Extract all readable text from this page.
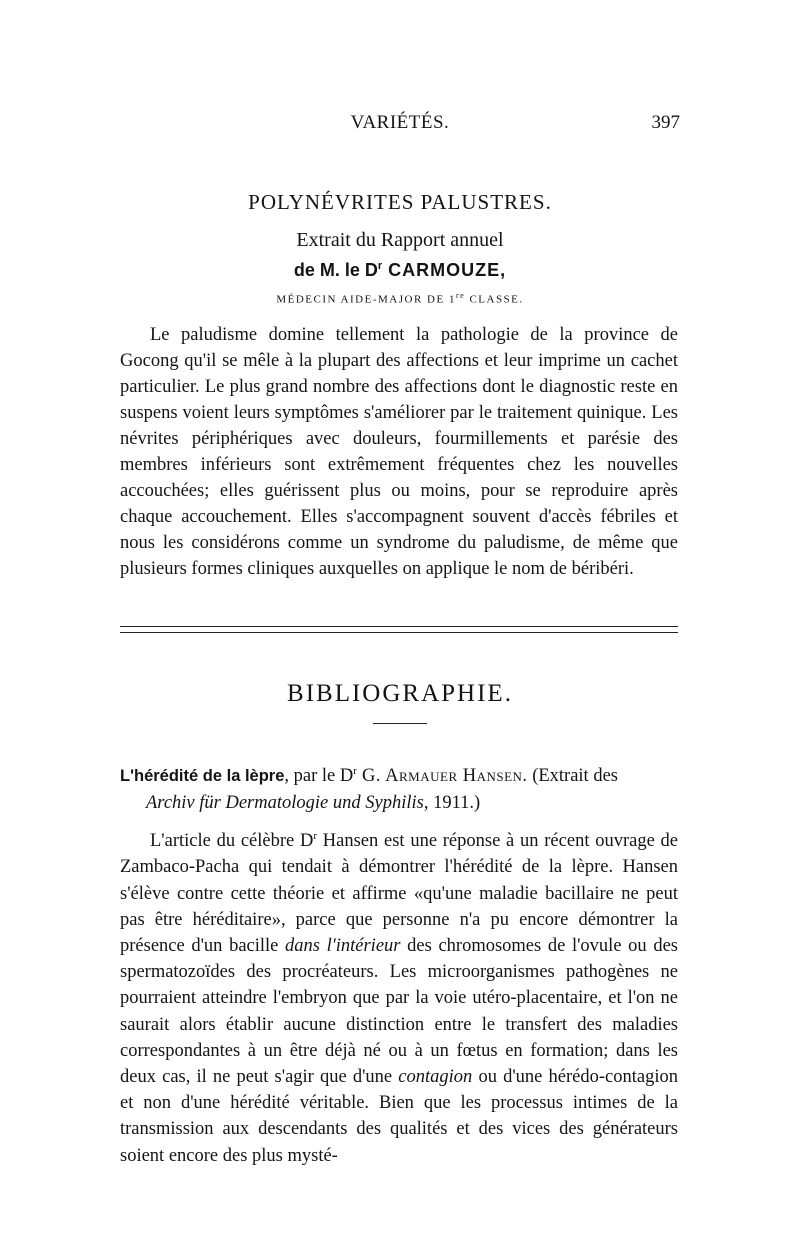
VARIÉTÉS.	397
POLYNÉVRITES PALUSTRES.
Extrait du Rapport annuel
de M. le $D^r$ CARMOUZE,
MÉDECIN AIDE-MAJOR DE 1re CLASSE.

Le paludisme domine tellement la pathologie de la province de Gocong qu'il se mêle à la plupart des affections et leur imprime un cachet particulier. Le plus grand nombre des affections dont le diagnostic reste en suspens voient leurs symptômes s'améliorer par le traitement quinique. Les névrites périphériques avec douleurs, fourmillements et parésie des membres inférieurs sont extrêmement fréquentes chez les nouvelles accouchées; elles guérissent plus ou moins, pour se reproduire après chaque accouchement. Elles s'accompagnent souvent d'accès fébriles et nous les considérons comme un syndrome du paludisme, de même que plusieurs formes cliniques auxquelles on applique le nom de béribéri.

BIBLIOGRAPHIE.

L'hérédité de la lèpre, par le $D^r$ G. Armauer Hansen. (Extrait des
Archiv für Dermatologie und Syphilis, 1911.)

L'article du célèbre $D^r$ Hansen est une réponse à un récent ouvrage de Zambaco-Pacha qui tendait à démontrer l'hérédité de la lèpre. Hansen s'élève contre cette théorie et affirme «qu'une maladie bacillaire ne peut pas être héréditaire», parce que personne n'a pu encore démontrer la présence d'un bacille dans l'intérieur des chromosomes de l'ovule ou des spermatozoïdes des procréateurs. Les microorganismes pathogènes ne pourraient atteindre l'embryon que par la voie utéro-placentaire, et l'on ne saurait alors établir aucune distinction entre le transfert des maladies correspondantes à un être déjà né ou à un fœtus en formation; dans les deux cas, il ne peut s'agir que d'une contagion ou d'une hérédo-contagion et non d'une hérédité véritable. Bien que les processus intimes de la transmission aux descendants des qualités et des vices des générateurs soient encore des plus mysté-
